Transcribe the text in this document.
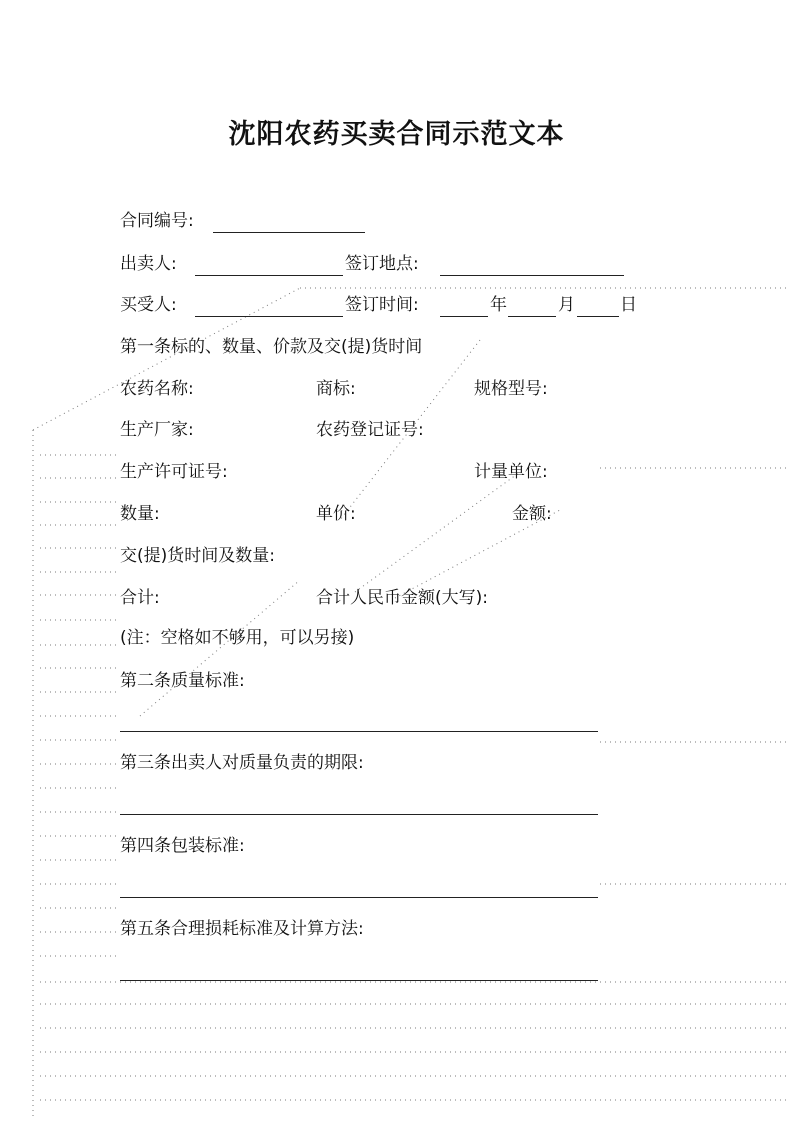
沈阳农药买卖合同示范文本
合同编号:
出卖人:	签订地点:
买受人:	签订时间:	年	月	日
第一条标的、数量、价款及交(提)货时间
农药名称:	商标:	规格型号:
生产厂家:	农药登记证号:
生产许可证号:	计量单位:
数量:	单价:	金额:
交(提)货时间及数量:
合计:	合计人民币金额(大写):
(注：空格如不够用，可以另接)
第二条质量标准:
第三条出卖人对质量负责的期限:
第四条包装标准:
第五条合理损耗标准及计算方法:
